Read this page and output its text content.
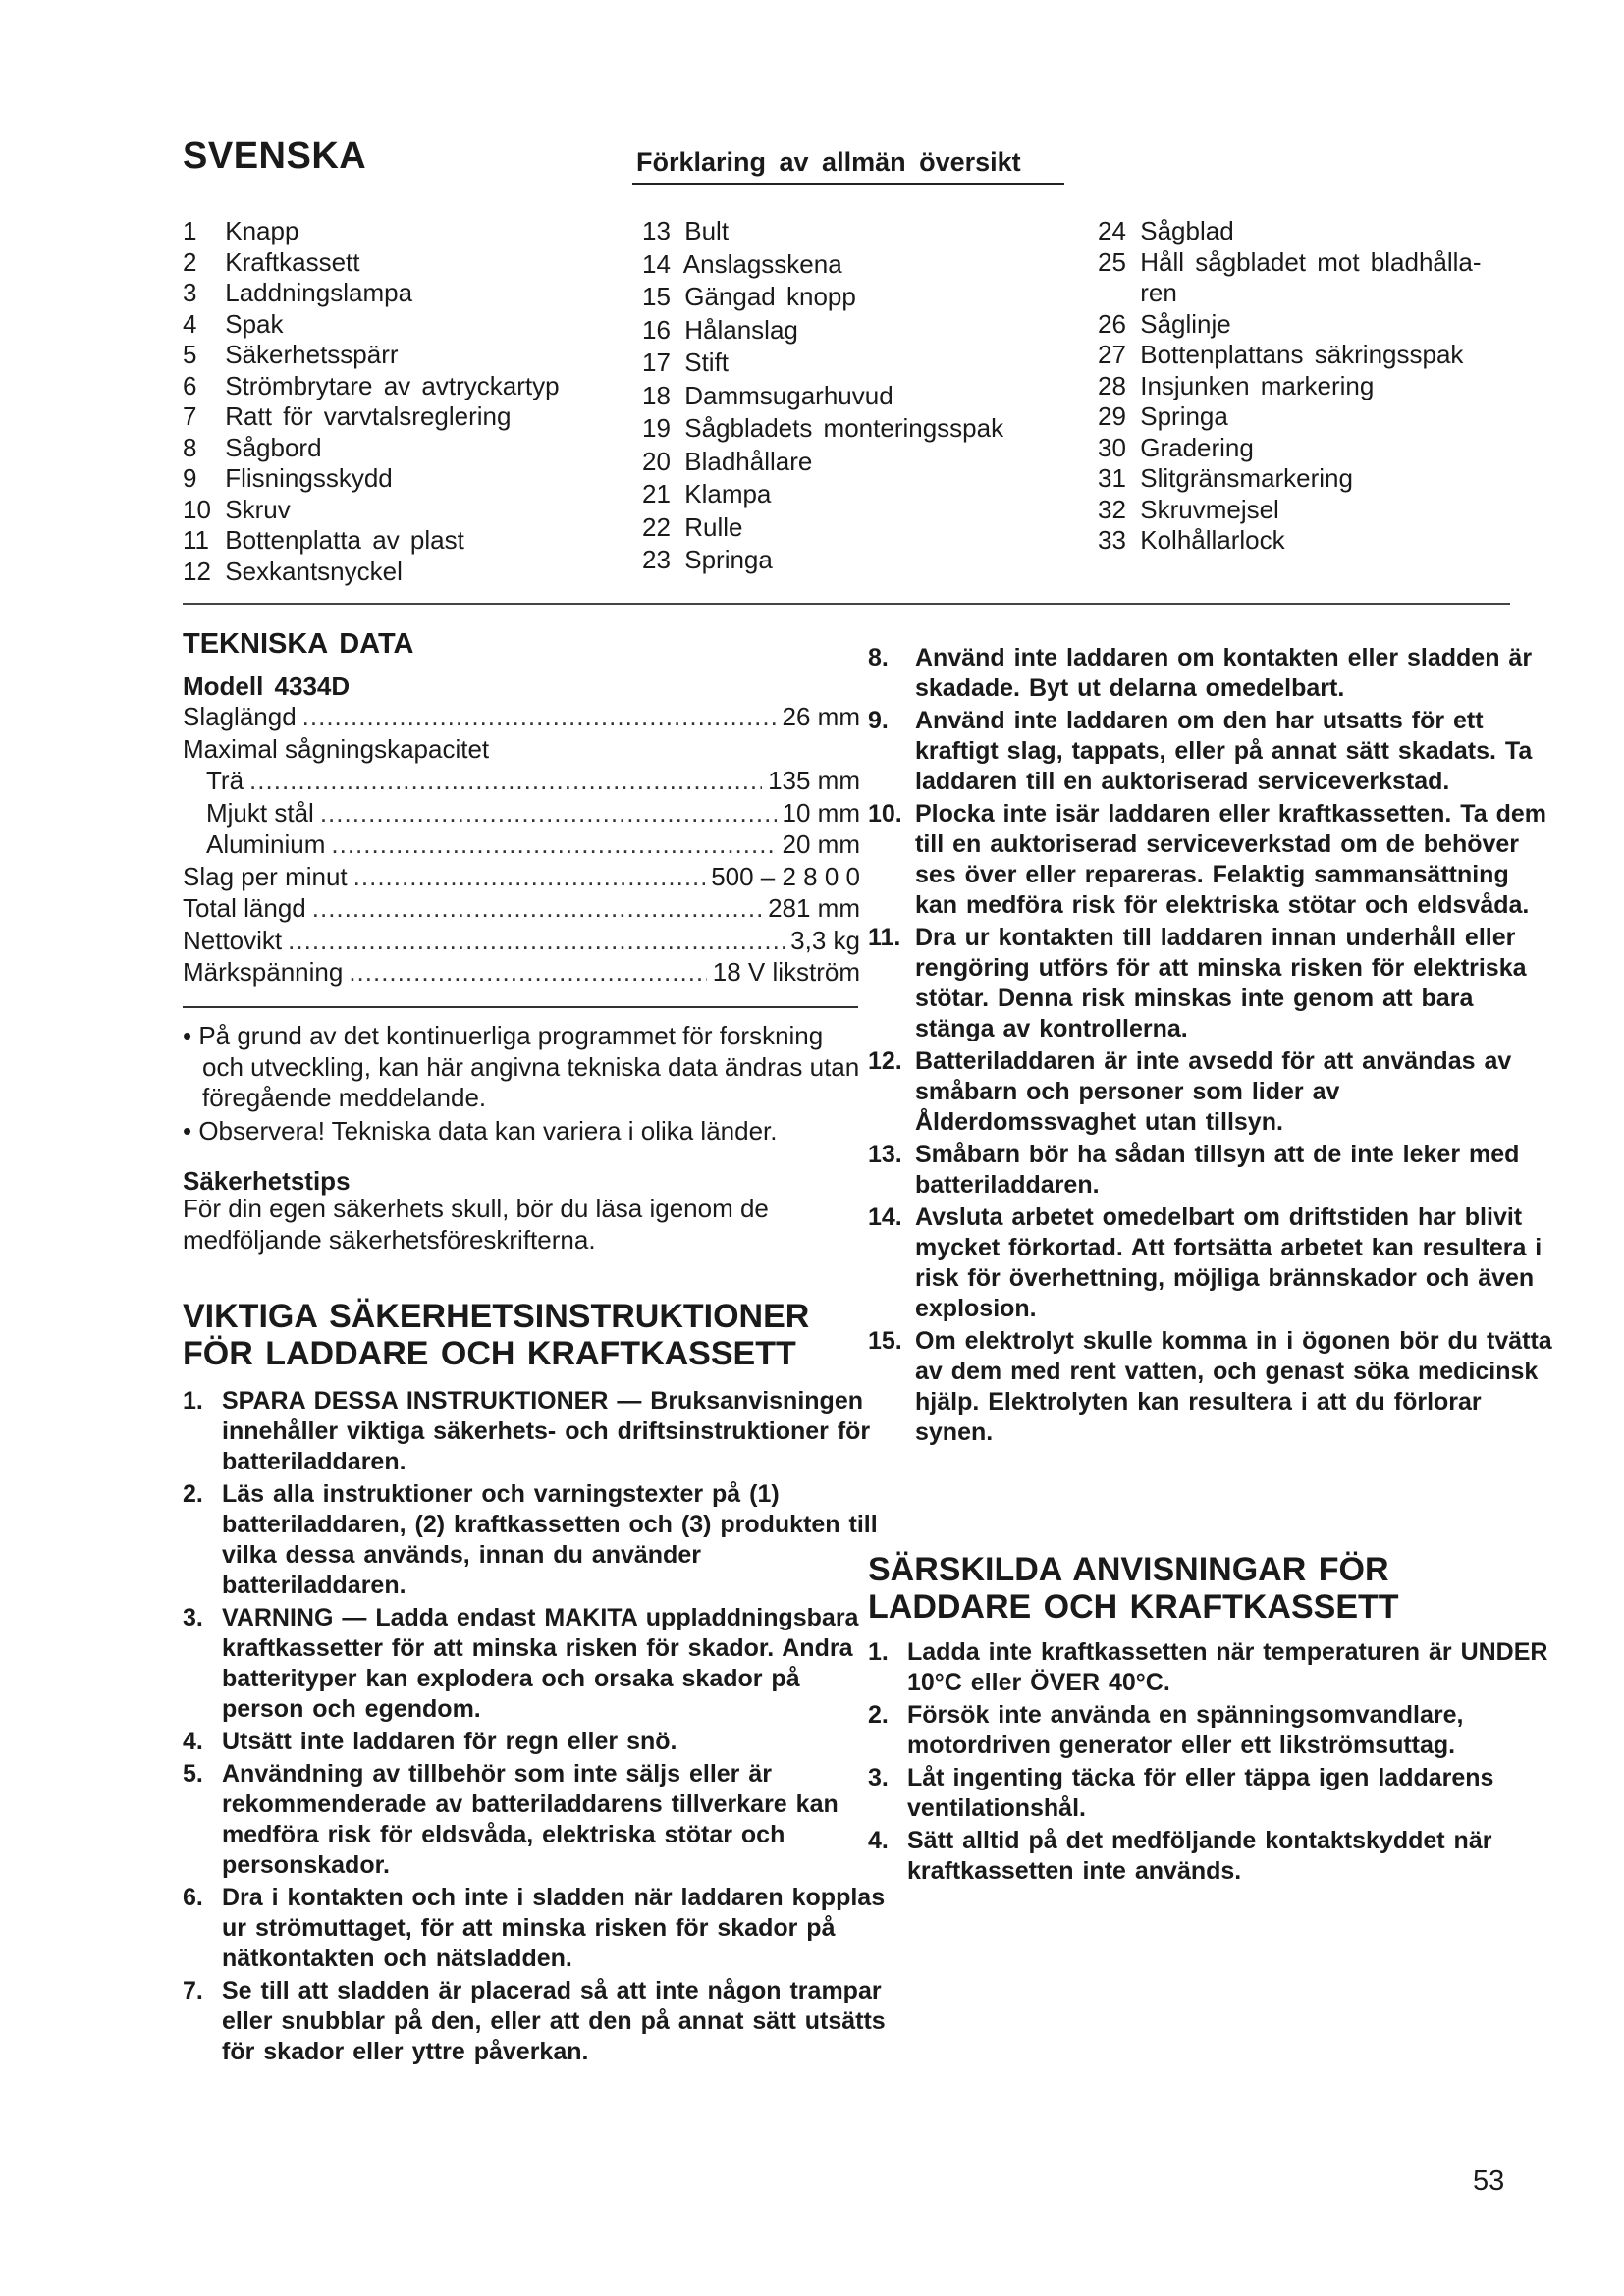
SVENSKA	Förklaring av allmän översikt
1 Knapp
2 Kraftkassett
3 Laddningslampa
4 Spak
5 Säkerhetsspärr
6 Strömbrytare av avtryckartyp
7 Ratt för varvtalsreglering
8 Sågbord
9 Flisningsskydd
10 Skruv
11 Bottenplatta av plast
12 Sexkantsnyckel
13 Bult
14 Anslagsskena
15 Gängad knopp
16 Hålanslag
17 Stift
18 Dammsugarhuvud
19 Sågbladets monteringsspak
20 Bladhållare
21 Klampa
22 Rulle
23 Springa
24 Sågblad
25 Håll sågbladet mot bladhålla-
ren
26 Såglinje
27 Bottenplattans säkringsspak
28 Insjunken markering
29 Springa
30 Gradering
31 Slitgränsmarkering
32 Skruvmejsel
33 Kolhållarlock
TEKNISKA DATA
Modell 4334D
Slaglängd .....	26 mm
Maximal sågningskapacitet
Trä .....	135 mm
Mjukt stål .....	10 mm
Aluminium .....	20 mm
Slag per minut .....	500 – 2 8 0 0
Total längd .....	281 mm
Nettovikt .....	3,3 kg
Märkspänning .....	18 V likström

• På grund av det kontinuerliga programmet för forskning och utveckling, kan här angivna tekniska data ändras utan föregående meddelande.

• Observera! Tekniska data kan variera i olika länder.

Säkerhetstips
För din egen säkerhets skull, bör du läsa igenom de medföljande säkerhetsföreskrifterna.
VIKTIGA SÄKERHETSINSTRUKTIONER
FÖR LADDARE OCH KRAFTKASSETT
1. SPARA DESSA INSTRUKTIONER — Bruksanvisningen innehåller viktiga säkerhets- och driftsinstruktioner för batteriladdaren.
2. Läs alla instruktioner och varningstexter på (1) batteriladdaren, (2) kraftkassetten och (3) produkten till vilka dessa används, innan du använder batteriladdaren.
3. VARNING — Ladda endast MAKITA uppladdningsbara kraftkassetter för att minska risken för skador. Andra batterityper kan explodera och orsaka skador på person och egendom.
4. Utsätt inte laddaren för regn eller snö.
5. Användning av tillbehör som inte säljs eller är rekommenderade av batteriladdarens tillverkare kan medföra risk för eldsvåda, elektriska stötar och personskador.
6. Dra i kontakten och inte i sladden när laddaren kopplas ur strömuttaget, för att minska risken för skador på nätkontakten och nätsladden.
7. Se till att sladden är placerad så att inte någon trampar eller snubblar på den, eller att den på annat sätt utsätts för skador eller yttre påverkan.
8.	Använd inte laddaren om kontakten eller sladden är skadade. Byt ut delarna omedelbart.
9.	Använd inte laddaren om den har utsatts för ett kraftigt slag, tappats, eller på annat sätt skadats. Ta laddaren till en auktoriserad serviceverkstad.
10. Plocka inte isär laddaren eller kraftkassetten. Ta dem till en auktoriserad serviceverkstad om de behöver ses över eller repareras. Felaktig sammansättning kan medföra risk för elektriska stötar och eldsvåda.
11. Dra ur kontakten till laddaren innan underhåll eller rengöring utförs för att minska risken för elektriska stötar. Denna risk minskas inte genom att bara stänga av kontrollerna.
12. Batteriladdaren är inte avsedd för att användas av småbarn och personer som lider av Ålderdomssvaghet utan tillsyn.
13. Småbarn bör ha sådan tillsyn att de inte leker med batteriladdaren.
14. Avsluta arbetet omedelbart om driftstiden har blivit mycket förkortad. Att fortsätta arbetet kan resultera i risk för överhettning, möjliga brännskador och även explosion.
15. Om elektrolyt skulle komma in i ögonen bör du tvätta av dem med rent vatten, och genast söka medicinsk hjälp. Elektrolyten kan resultera i att du förlorar synen.
SÄRSKILDA ANVISNINGAR FÖR
LADDARE OCH KRAFTKASSETT
1. Ladda inte kraftkassetten när temperaturen är UNDER 10°C eller ÖVER 40°C.
2. Försök inte använda en spänningsomvandlare, motordriven generator eller ett likströmsuttag.
3. Låt ingenting täcka för eller täppa igen laddarens ventilationshål.
4. Sätt alltid på det medföljande kontaktskyddet när kraftkassetten inte används.
53
